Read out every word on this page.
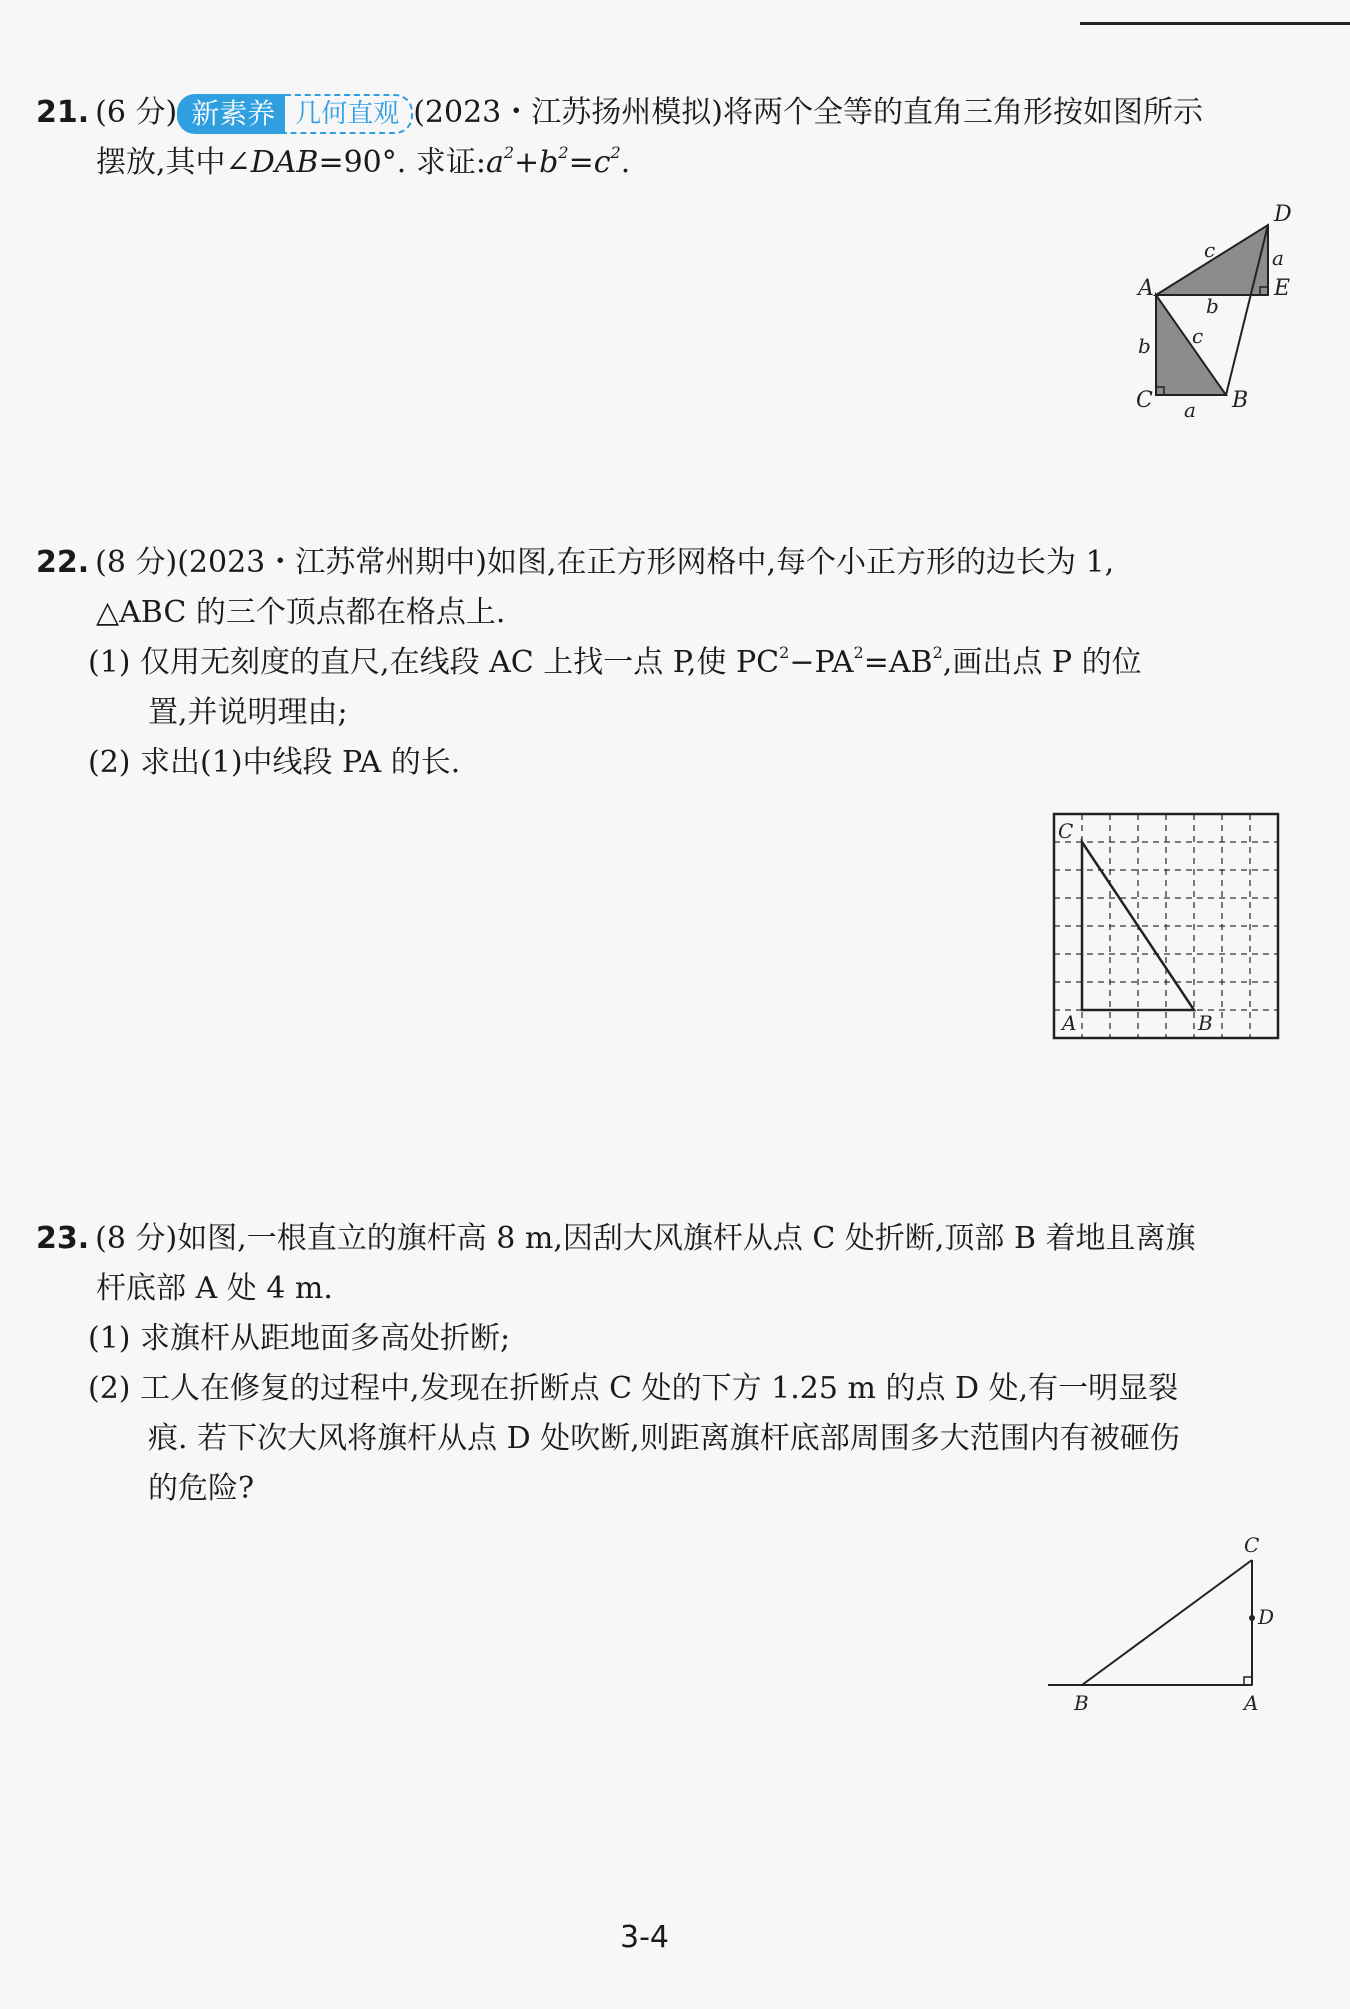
21. (6 分) 新素养 几何直观 (2023・江苏扬州模拟)将两个全等的直角三角形按如图所示
摆放,其中∠DAB=90°. 求证$:a^2+b^2=c^2$.
D
E
A
C	B
a
a
b
b
c
c
22. (8 分)(2023・江苏常州期中)如图,在正方形网格中,每个小正方形的边长为 1,
△ABC 的三个顶点都在格点上.
(1) 仅用无刻度的直尺,在线段 AC 上找一点 P,使 $PC^2-PA^2=AB^2$,画出点 P 的位
置,并说明理由;
(2) 求出(1)中线段 PA 的长.
C
A	B
23. (8 分)如图,一根直立的旗杆高 8 m,因刮大风旗杆从点 C 处折断,顶部 B 着地且离旗
杆底部 A 处 4 m.
(1) 求旗杆从距地面多高处折断;
(2) 工人在修复的过程中,发现在折断点 C 处的下方 1.25 m 的点 D 处,有一明显裂
痕. 若下次大风将旗杆从点 D 处吹断,则距离旗杆底部周围多大范围内有被砸伤
的危险?
C
D
B	A
3-4
